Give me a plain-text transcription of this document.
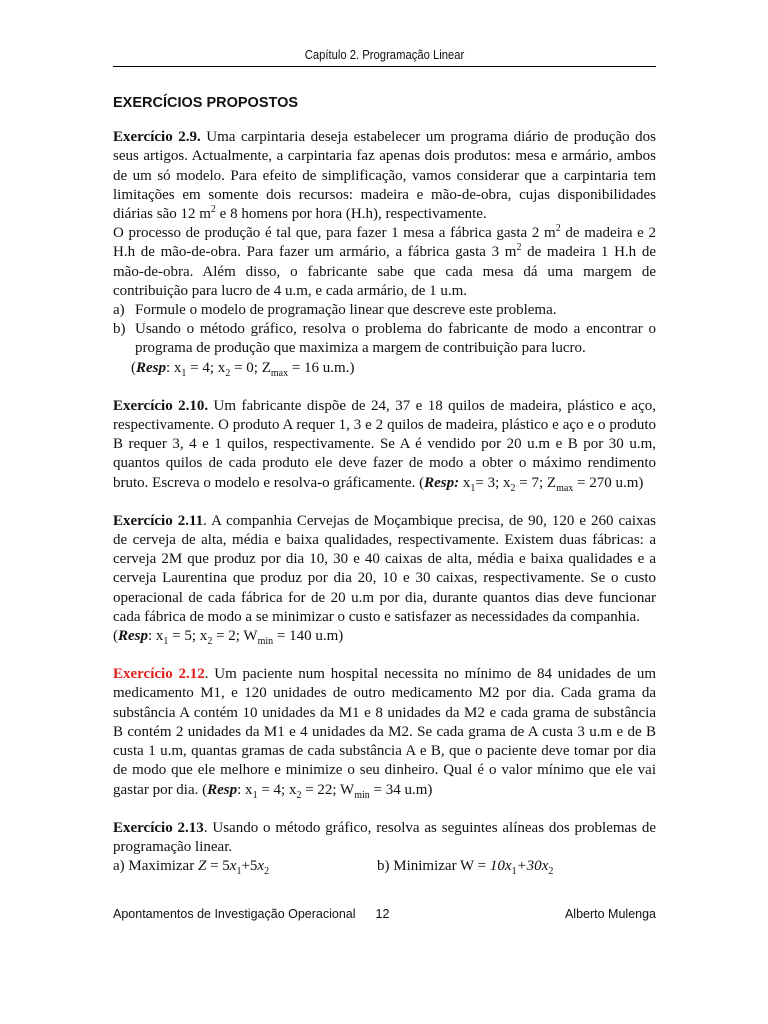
Capítulo 2. Programação Linear
EXERCÍCIOS PROPOSTOS

Exercício 2.9. Uma carpintaria deseja estabelecer um programa diário de produção dos seus artigos. Actualmente, a carpintaria faz apenas dois produtos: mesa e armário, ambos de um só modelo. Para efeito de simplificação, vamos considerar que a carpintaria tem limitações em somente dois recursos: madeira e mão-de-obra, cujas disponibilidades diárias são 12 $m^2$ e 8 homens por hora (H.h), respectivamente.

O processo de produção é tal que, para fazer 1 mesa a fábrica gasta 2 $m^2$ de madeira e 2 H.h de mão-de-obra. Para fazer um armário, a fábrica gasta 3 $m^2$ de madeira 1 H.h de mão-de-obra. Além disso, o fabricante sabe que cada mesa dá uma margem de contribuição para lucro de 4 u.m, e cada armário, de 1 u.m.

a) Formule o modelo de programação linear que descreve este problema.
b) Usando o método gráfico, resolva o problema do fabricante de modo a encontrar o programa de produção que maximiza a margem de contribuição para lucro.
(Resp: $x_1 = 4$; $x_2 = 0$; $Z_{max} = 16$ u.m.)

Exercício 2.10. Um fabricante dispõe de 24, 37 e 18 quilos de madeira, plástico e aço, respectivamente. O produto A requer 1, 3 e 2 quilos de madeira, plástico e aço e o produto B requer 3, 4 e 1 quilos, respectivamente. Se A é vendido por 20 u.m e B por 30 u.m, quantos quilos de cada produto ele deve fazer de modo a obter o máximo rendimento bruto. Escreva o modelo e resolva-o gráficamente. (Resp: $x_1= 3$; $x_2 = 7$; $Z_{max} = 270$ u.m)

Exercício 2.11. A companhia Cervejas de Moçambique precisa, de 90, 120 e 260 caixas de cerveja de alta, média e baixa qualidades, respectivamente. Existem duas fábricas: a cerveja 2M que produz por dia 10, 30 e 40 caixas de alta, média e baixa qualidades e a cerveja Laurentina que produz por dia 20, 10 e 30 caixas, respectivamente. Se o custo operacional de cada fábrica for de 20 u.m por dia, durante quantos dias deve funcionar cada fábrica de modo a se minimizar o custo e satisfazer as necessidades da companhia.

(Resp: $x_1 = 5$; $x_2 = 2$; $W_{min} = 140$ u.m)

Exercício 2.12. Um paciente num hospital necessita no mínimo de 84 unidades de um medicamento M1, e 120 unidades de outro medicamento M2 por dia. Cada grama da substância A contém 10 unidades da M1 e 8 unidades da M2 e cada grama de substância B contém 2 unidades da M1 e 4 unidades da M2. Se cada grama de A custa 3 u.m e de B custa 1 u.m, quantas gramas de cada substância A e B, que o paciente deve tomar por dia de modo que ele melhore e minimize o seu dinheiro. Qual é o valor mínimo que ele vai gastar por dia. (Resp: $x_1 = 4$; $x_2 = 22$; $W_{min} = 34$ u.m)

Exercício 2.13. Usando o método gráfico, resolva as seguintes alíneas dos problemas de programação linear.

a) Maximizar $Z = 5x_1+5x_2$	b) Minimizar $W = 10x_1+30x_2$
Apontamentos de Investigação Operacional 12	Alberto Mulenga
